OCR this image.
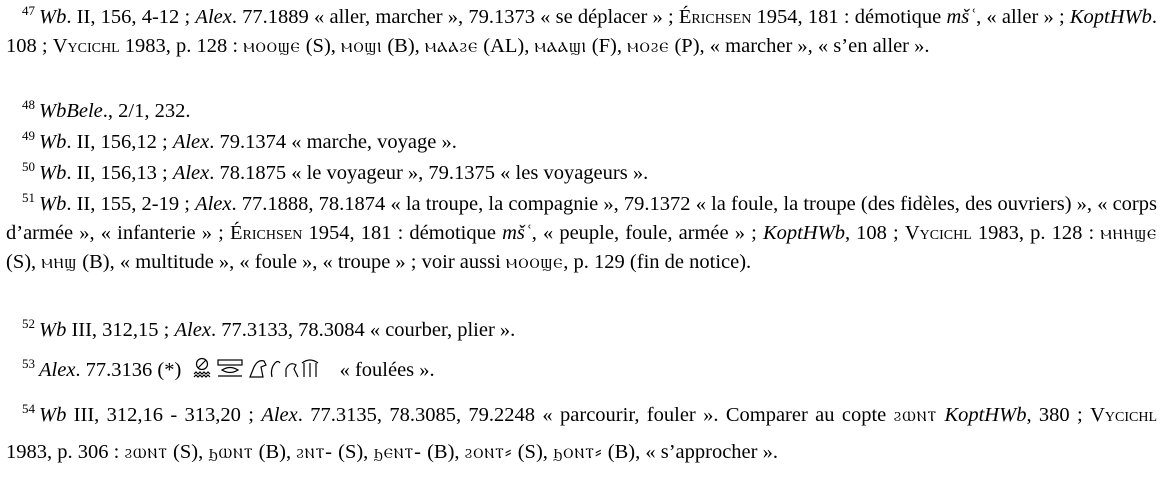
$^{47}$ Wb. II, 156, 4-12 ; Alex. 77.1889 « aller, marcher », 79.1373 « se déplacer » ; Érichsen 1954, 181 : démotique mšʿ, « aller » ; KoptHWb. 108 ; Vycichl 1983, p. 128 : ⲙⲟⲟϣⲉ (S), ⲙⲟϣⲓ (B), ⲙⲁⲁϩⲉ (AL), ⲙⲁⲁϣⲓ (F), ⲙⲟϩⲉ (P), « marcher », « s’en aller ».
$^{48}$ WbBele., 2/1, 232.
$^{49}$ Wb. II, 156,12 ; Alex. 79.1374 « marche, voyage ».
$^{50}$ Wb. II, 156,13 ; Alex. 78.1875 « le voyageur », 79.1375 « les voyageurs ».
$^{51}$ Wb. II, 155, 2-19 ; Alex. 77.1888, 78.1874 « la troupe, la compagnie », 79.1372 « la foule, la troupe (des fidèles, des ouvriers) », « corps d’armée », « infanterie » ; Érichsen 1954, 181 : démotique mšʿ, « peuple, foule, armée » ; KoptHWb, 108 ; Vycichl 1983, p. 128 : ⲙⲏⲏϣⲉ (S), ⲙⲏϣ (B), « multitude », « foule », « troupe » ; voir aussi ⲙⲟⲟϣⲉ, p. 129 (fin de notice).
$^{52}$ Wb III, 312,15 ; Alex. 77.3133, 78.3084 « courber, plier ».
$^{53}$ Alex. 77.3136 (*)	« foulées ».
$^{54}$ Wb III, 312,16 - 313,20 ; Alex. 77.3135, 78.3085, 79.2248 « parcourir, fouler ». Comparer au copte ϩⲱⲛⲧ KoptHWb, 380 ; Vycichl 1983, p. 306 : ϩⲱⲛⲧ (S), ϧⲱⲛⲧ (B), ϩⲛⲧ- (S), ϧⲉⲛⲧ- (B), ϩⲟⲛⲧ⸗ (S), ϧⲟⲛⲧ⸗ (B), « s’approcher ».
